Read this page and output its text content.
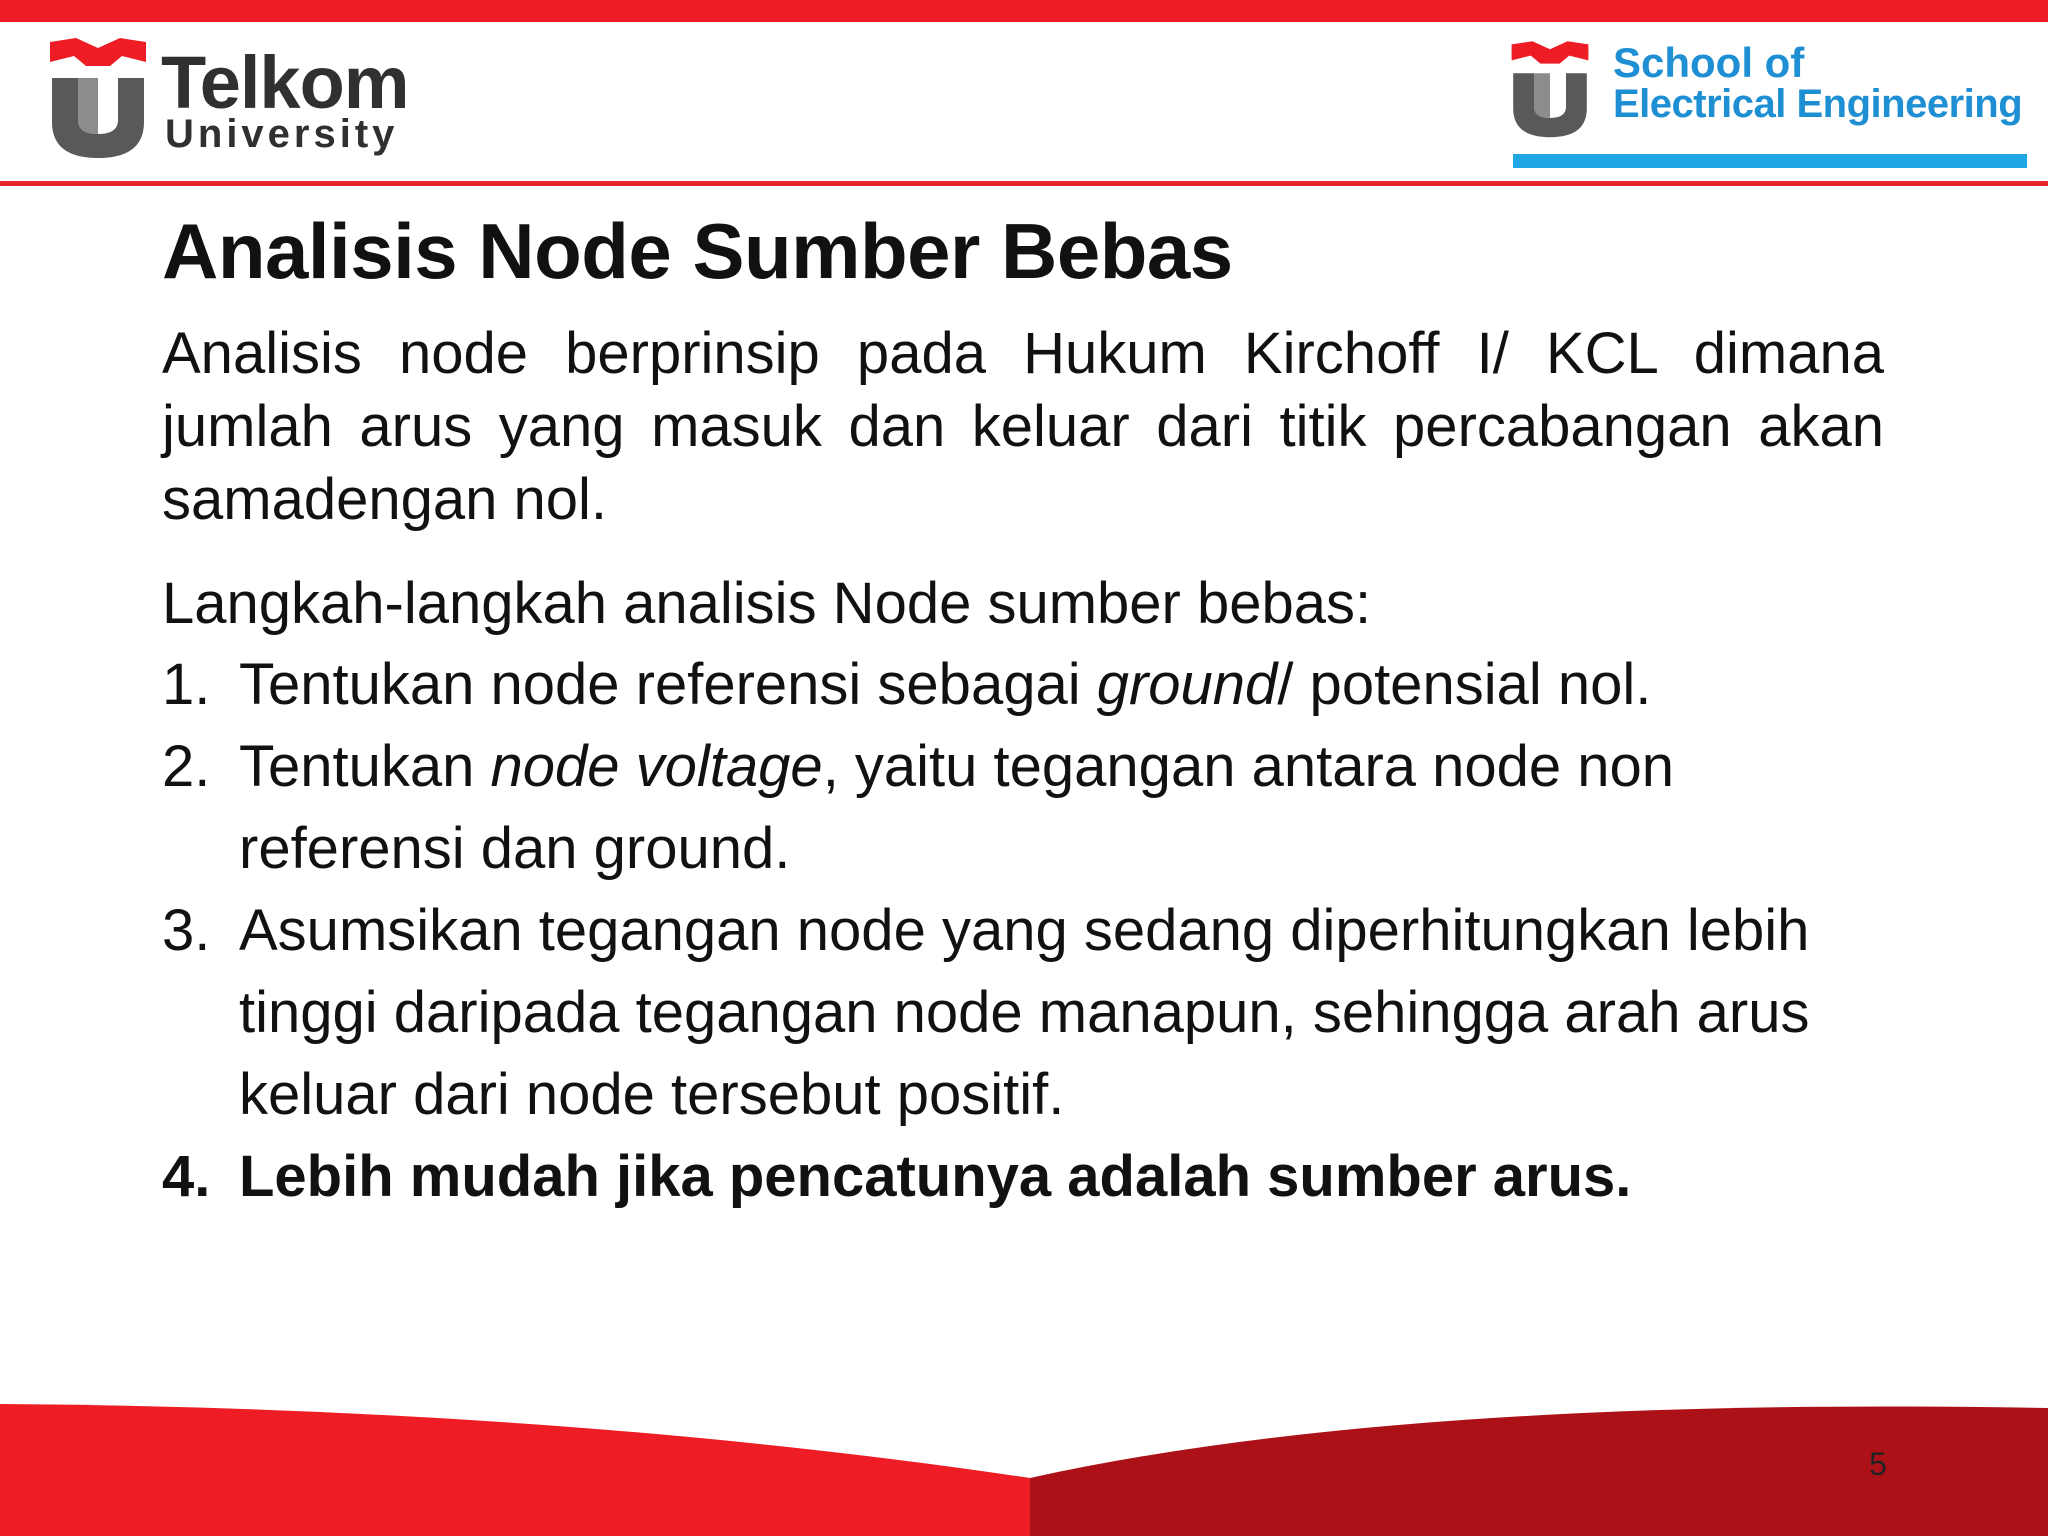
Telkom

University

School of

Electrical Engineering

Analisis Node Sumber Bebas

Analisis node berprinsip pada Hukum Kirchoff I/ KCL dimana jumlah arus yang masuk dan keluar dari titik percabangan akan samadengan nol.

Langkah-langkah analisis Node sumber bebas:

1. Tentukan node referensi sebagai ground/ potensial nol.
2. Tentukan node voltage, yaitu tegangan antara node non referensi dan ground.
3. Asumsikan tegangan node yang sedang diperhitungkan lebih tinggi daripada tegangan node manapun, sehingga arah arus keluar dari node tersebut positif.
4. Lebih mudah jika pencatunya adalah sumber arus.

5
